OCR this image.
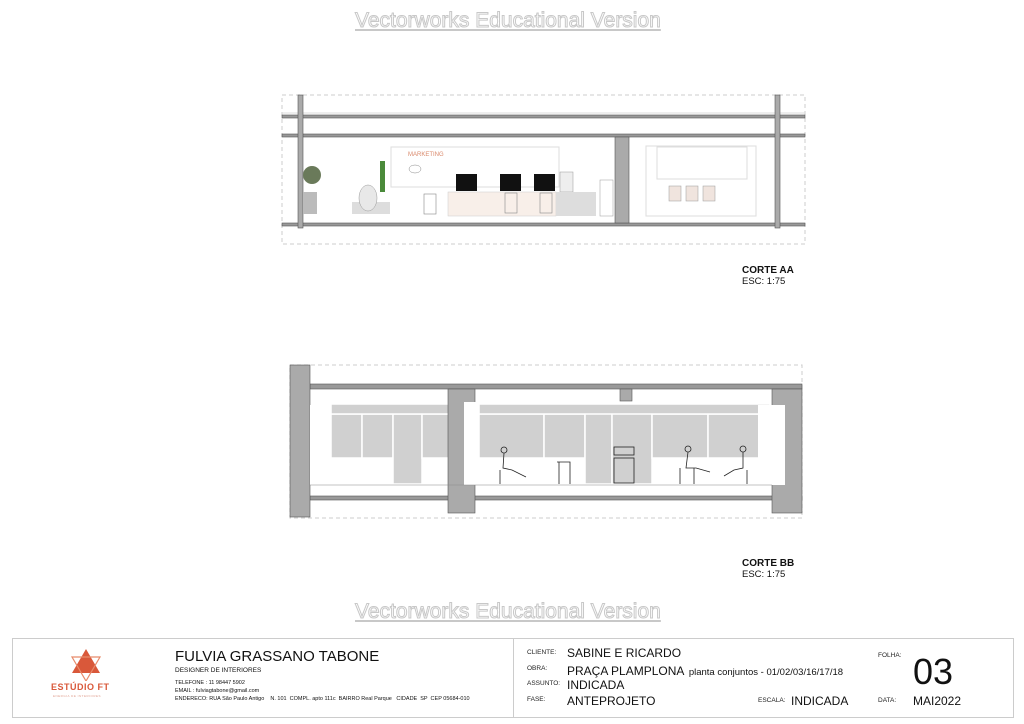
Vectorworks Educational Version
MARKETING
CORTE AA
ESC: 1:75
CORTE BB
ESC: 1:75
Vectorworks Educational Version
ESTÚDIO FT
ENERGIA DE INTERIORES
FULVIA GRASSANO TABONE
DESIGNER DE INTERIORES
TELEFONE : 11 98447 5902
EMAIL : fulviagtabone@gmail.com
ENDERECO: RUA São Paulo Antigo    N. 101  COMPL. apto 111c  BAIRRO Real Parque   CIDADE  SP  CEP 05684-010
CLIENTE: SABINE E RICARDO
OBRA: PRAÇA PLAMPLONA planta conjuntos - 01/02/03/16/17/18
ASSUNTO: INDICADA
FASE: ANTEPROJETO	ESCALA: INDICADA
FOLHA: 03
DATA: MAI2022
